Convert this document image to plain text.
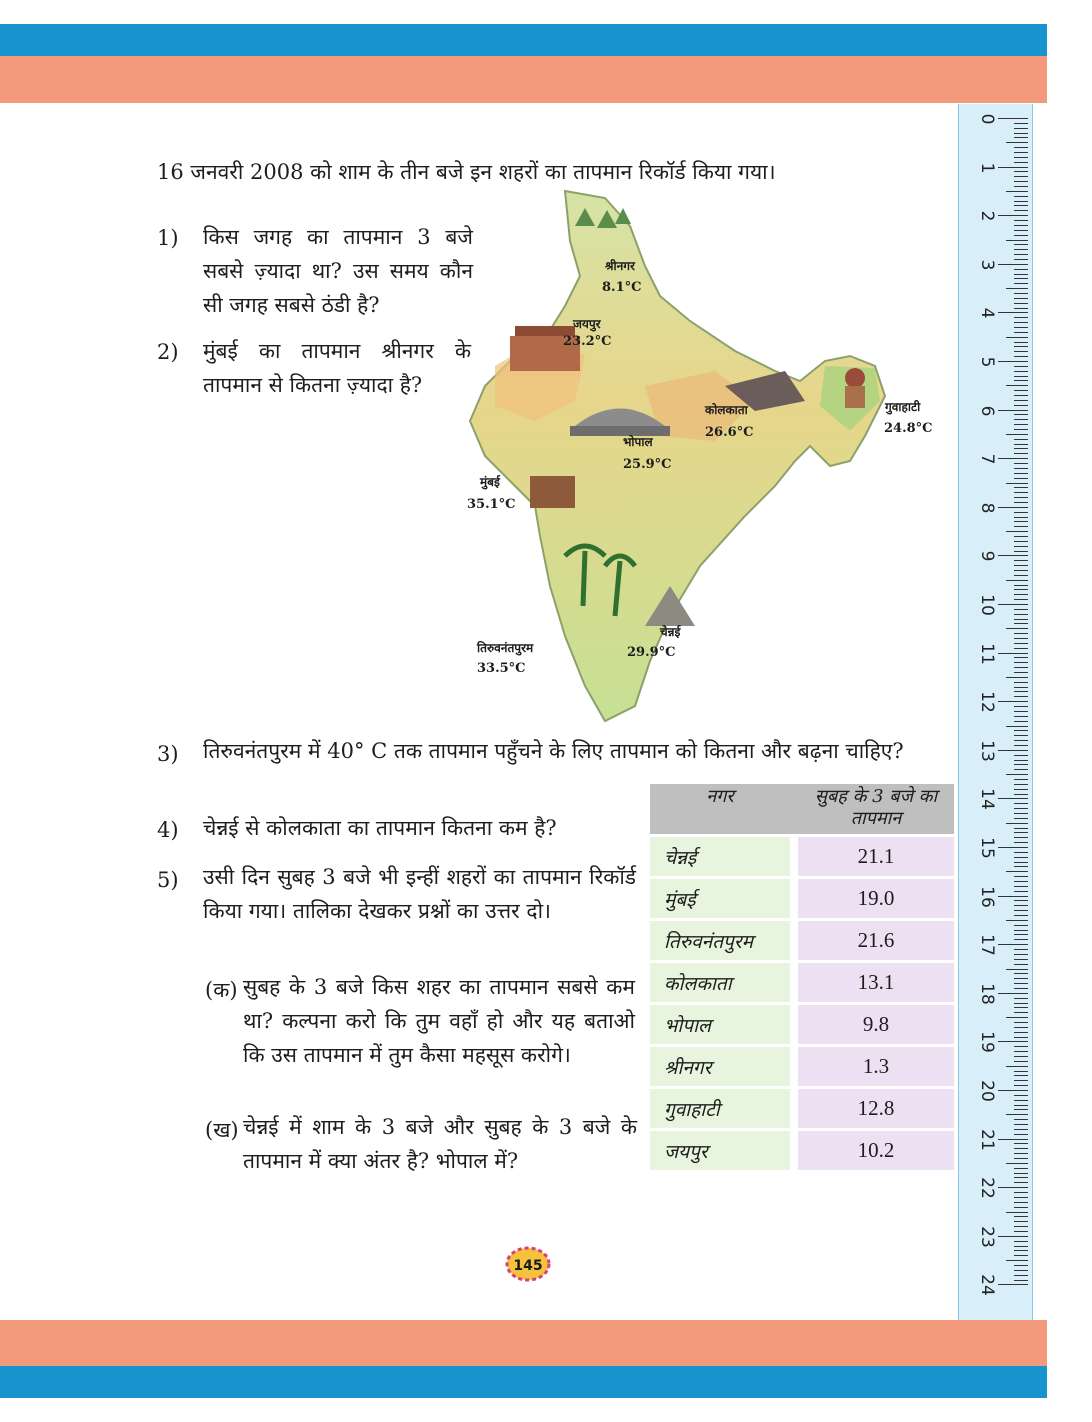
0
1
2
3
4
5
6
7
8
9
10
11
12
13
14
15
16
17
18
19
20
21
22
23
24
16 जनवरी 2008 को शाम के तीन बजे इन शहरों का तापमान रिकॉर्ड किया गया।
1) किस जगह का तापमान 3 बजे सबसे ज़्यादा था? उस समय कौन सी जगह सबसे ठंडी है?
2) मुंबई का तापमान श्रीनगर के तापमान से कितना ज़्यादा है?
श्रीनगर
8.1°C
जयपुर
23.2°C
कोलकाता
26.6°C
गुवाहाटी
24.8°C
भोपाल
25.9°C
मुंबई
35.1°C
तिरुवनंतपुरम
33.5°C
चेन्नई
29.9°C
3) तिरुवनंतपुरम में 40° C तक तापमान पहुँचने के लिए तापमान को कितना और बढ़ना चाहिए?
4) चेन्नई से कोलकाता का तापमान कितना कम है?
5) उसी दिन सुबह 3 बजे भी इन्हीं शहरों का तापमान रिकॉर्ड किया गया। तालिका देखकर प्रश्नों का उत्तर दो।
(क) सुबह के 3 बजे किस शहर का तापमान सबसे कम था? कल्पना करो कि तुम वहाँ हो और यह बताओ कि उस तापमान में तुम कैसा महसूस करोगे।
(ख) चेन्नई में शाम के 3 बजे और सुबह के 3 बजे के तापमान में क्या अंतर है? भोपाल में?
नगर		सुबह के 3 बजे का तापमान
चेन्नई		21.1
मुंबई		19.0
तिरुवनंतपुरम		21.6
कोलकाता		13.1
भोपाल		9.8
श्रीनगर		1.3
गुवाहाटी		12.8
जयपुर		10.2
145
